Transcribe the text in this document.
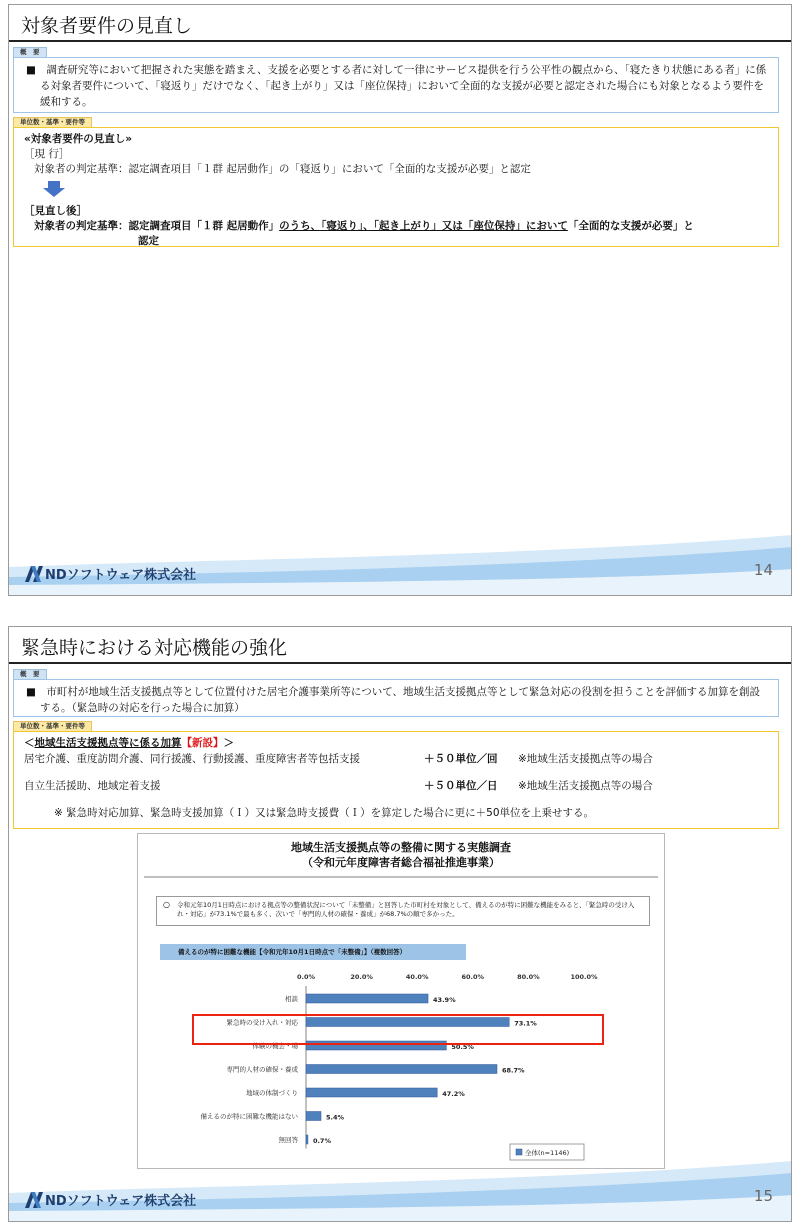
対象者要件の見直し
概　要
■　調査研究等において把握された実態を踏まえ、支援を必要とする者に対して一律にサービス提供を行う公平性の観点から、「寝たきり状態にある者」に係る対象者要件について、「寝返り」だけでなく、「起き上がり」又は「座位保持」において全面的な支援が必要と認定された場合にも対象となるよう要件を緩和する。
単位数・基準・要件等
«対象者要件の見直し»
［現 行］
対象者の判定基準：認定調査項目「１群 起居動作」の「寝返り」において「全面的な支援が必要」と認定
［見直し後］
対象者の判定基準：認定調査項目「１群 起居動作」のうち、「寝返り」、「起き上がり」又は「座位保持」において「全面的な支援が必要」と
認定
NDソフトウェア株式会社	14
緊急時における対応機能の強化
概　要
■　市町村が地域生活支援拠点等として位置付けた居宅介護事業所等について、地域生活支援拠点等として緊急対応の役割を担うことを評価する加算を創設する。（緊急時の対応を行った場合に加算）
単位数・基準・要件等
＜地域生活支援拠点等に係る加算【新設】＞
居宅介護、重度訪問介護、同行援護、行動援護、重度障害者等包括支援	＋５０単位／回	※地域生活支援拠点等の場合
自立生活援助、地域定着支援	＋５０単位／日	※地域生活支援拠点等の場合
※ 緊急時対応加算、緊急時支援加算（Ｉ）又は緊急時支援費（Ｉ）を算定した場合に更に＋50単位を上乗せする。
地域生活支援拠点等の整備に関する実態調査
（令和元年度障害者総合福祉推進事業）
○ 令和元年10月1日時点における拠点等の整備状況について「未整備」と回答した市町村を対象として、備えるのが特に困難な機能をみると、「緊急時の受け入れ・対応」が73.1%で最も多く、次いで「専門的人材の確保・養成」が68.7%の順で多かった。
備えるのが特に困難な機能【令和元年10月1日時点で「未整備」】（複数回答）
0.0%	20.0%	40.0%	60.0%	80.0%	100.0%
相談	43.9%
緊急時の受け入れ・対応	73.1%
体験の機会・場	50.5%
専門的人材の確保・養成	68.7%
地域の体制づくり	47.2%
備えるのが特に困難な機能はない	5.4%
無回答 0.7%
全体(n=1146)
NDソフトウェア株式会社	15
